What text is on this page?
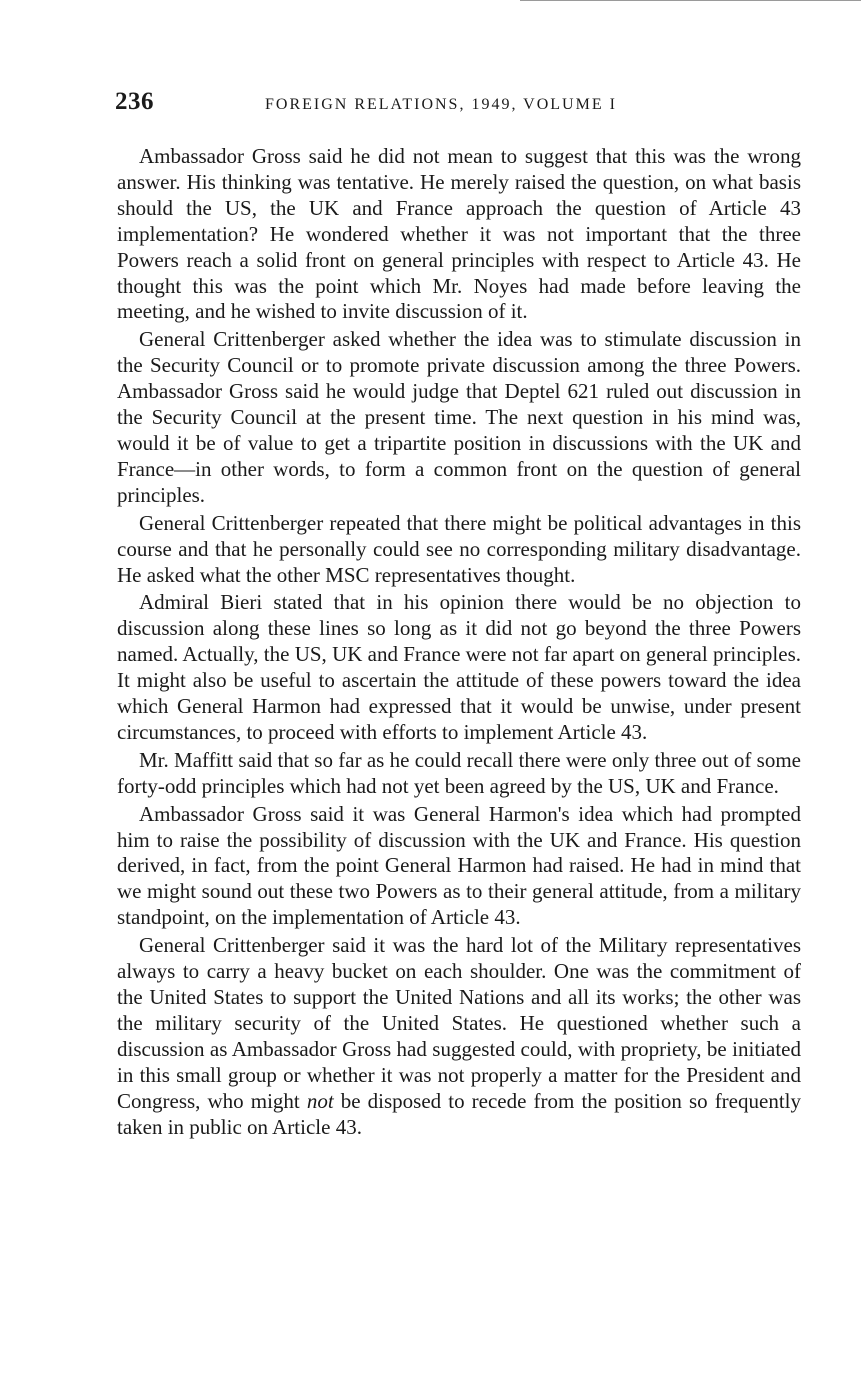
236	FOREIGN RELATIONS, 1949, VOLUME I

Ambassador Gross said he did not mean to suggest that this was the wrong answer. His thinking was tentative. He merely raised the question, on what basis should the US, the UK and France approach the question of Article 43 implementation? He wondered whether it was not important that the three Powers reach a solid front on general principles with respect to Article 43. He thought this was the point which Mr. Noyes had made before leaving the meeting, and he wished to invite discussion of it.

General Crittenberger asked whether the idea was to stimulate discussion in the Security Council or to promote private discussion among the three Powers. Ambassador Gross said he would judge that Deptel 621 ruled out discussion in the Security Council at the present time. The next question in his mind was, would it be of value to get a tripartite position in discussions with the UK and France—in other words, to form a common front on the question of general principles.

General Crittenberger repeated that there might be political advantages in this course and that he personally could see no corresponding military disadvantage. He asked what the other MSC representatives thought.

Admiral Bieri stated that in his opinion there would be no objection to discussion along these lines so long as it did not go beyond the three Powers named. Actually, the US, UK and France were not far apart on general principles. It might also be useful to ascertain the attitude of these powers toward the idea which General Harmon had expressed that it would be unwise, under present circumstances, to proceed with efforts to implement Article 43.

Mr. Maffitt said that so far as he could recall there were only three out of some forty-odd principles which had not yet been agreed by the US, UK and France.

Ambassador Gross said it was General Harmon's idea which had prompted him to raise the possibility of discussion with the UK and France. His question derived, in fact, from the point General Harmon had raised. He had in mind that we might sound out these two Powers as to their general attitude, from a military standpoint, on the implementation of Article 43.

General Crittenberger said it was the hard lot of the Military representatives always to carry a heavy bucket on each shoulder. One was the commitment of the United States to support the United Nations and all its works; the other was the military security of the United States. He questioned whether such a discussion as Ambassador Gross had suggested could, with propriety, be initiated in this small group or whether it was not properly a matter for the President and Congress, who might not be disposed to recede from the position so frequently taken in public on Article 43.
